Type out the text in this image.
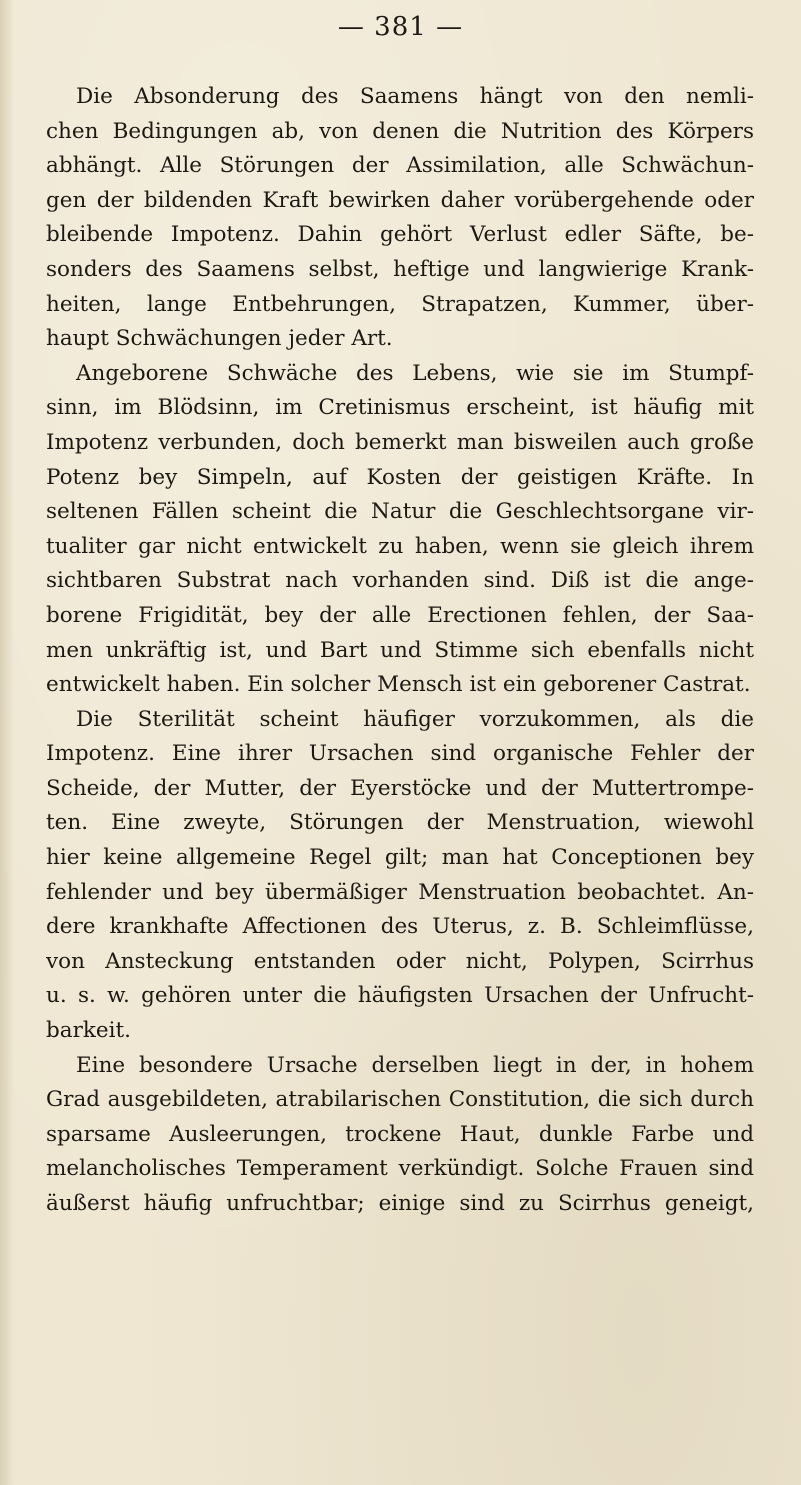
— 381 —
Die Absonderung des Saamens hängt von den nemli-
chen Bedingungen ab, von denen die Nutrition des Körpers
abhängt. Alle Störungen der Assimilation, alle Schwächun-
gen der bildenden Kraft bewirken daher vorübergehende oder
bleibende Impotenz. Dahin gehört Verlust edler Säfte, be-
sonders des Saamens selbst, heftige und langwierige Krank-
heiten, lange Entbehrungen, Strapatzen, Kummer, über-
haupt Schwächungen jeder Art.
Angeborene Schwäche des Lebens, wie sie im Stumpf-
sinn, im Blödsinn, im Cretinismus erscheint, ist häufig mit
Impotenz verbunden, doch bemerkt man bisweilen auch große
Potenz bey Simpeln, auf Kosten der geistigen Kräfte. In
seltenen Fällen scheint die Natur die Geschlechtsorgane vir-
tualiter gar nicht entwickelt zu haben, wenn sie gleich ihrem
sichtbaren Substrat nach vorhanden sind. Diß ist die ange-
borene Frigidität, bey der alle Erectionen fehlen, der Saa-
men unkräftig ist, und Bart und Stimme sich ebenfalls nicht
entwickelt haben. Ein solcher Mensch ist ein geborener Castrat.
Die Sterilität scheint häufiger vorzukommen, als die
Impotenz. Eine ihrer Ursachen sind organische Fehler der
Scheide, der Mutter, der Eyerstöcke und der Muttertrompe-
ten. Eine zweyte, Störungen der Menstruation, wiewohl
hier keine allgemeine Regel gilt; man hat Conceptionen bey
fehlender und bey übermäßiger Menstruation beobachtet. An-
dere krankhafte Affectionen des Uterus, z. B. Schleimflüsse,
von Ansteckung entstanden oder nicht, Polypen, Scirrhus
u. s. w. gehören unter die häufigsten Ursachen der Unfrucht-
barkeit.
Eine besondere Ursache derselben liegt in der, in hohem
Grad ausgebildeten, atrabilarischen Constitution, die sich durch
sparsame Ausleerungen, trockene Haut, dunkle Farbe und
melancholisches Temperament verkündigt. Solche Frauen sind
äußerst häufig unfruchtbar; einige sind zu Scirrhus geneigt,
